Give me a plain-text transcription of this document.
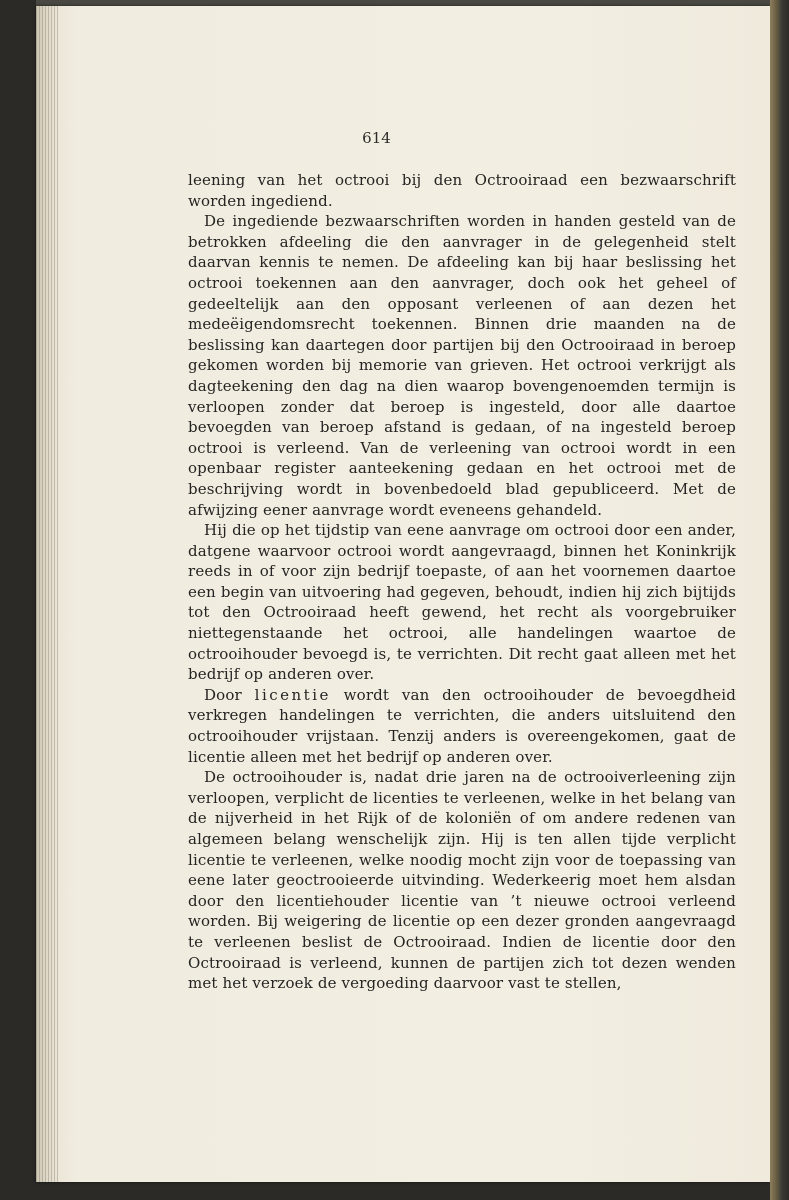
614

leening van het octrooi bij den Octrooiraad een bezwaarschrift worden ingediend.

De ingediende bezwaarschriften worden in handen gesteld van de betrokken afdeeling die den aanvrager in de gelegenheid stelt daarvan kennis te nemen. De afdeeling kan bij haar beslissing het octrooi toekennen aan den aanvrager, doch ook het geheel of gedeeltelijk aan den opposant verleenen of aan dezen het medeëigendomsrecht toekennen. Binnen drie maanden na de beslissing kan daartegen door partijen bij den Octrooiraad in beroep gekomen worden bij memorie van grieven. Het octrooi verkrijgt als dagteekening den dag na dien waarop bovengenoemden termijn is verloopen zonder dat beroep is ingesteld, door alle daartoe bevoegden van beroep afstand is gedaan, of na ingesteld beroep octrooi is verleend. Van de verleening van octrooi wordt in een openbaar register aanteekening gedaan en het octrooi met de beschrijving wordt in bovenbedoeld blad gepubliceerd. Met de afwijzing eener aanvrage wordt eveneens gehandeld.

Hij die op het tijdstip van eene aanvrage om octrooi door een ander, datgene waarvoor octrooi wordt aangevraagd, binnen het Koninkrijk reeds in of voor zijn bedrijf toepaste, of aan het voornemen daartoe een begin van uitvoering had gegeven, behoudt, indien hij zich bijtijds tot den Octrooiraad heeft gewend, het recht als voorgebruiker niettegenstaande het octrooi, alle handelingen waartoe de octrooihouder bevoegd is, te verrichten. Dit recht gaat alleen met het bedrijf op anderen over.

Door licentie wordt van den octrooihouder de bevoegdheid verkregen handelingen te verrichten, die anders uitsluitend den octrooihouder vrijstaan. Tenzij anders is overeengekomen, gaat de licentie alleen met het bedrijf op anderen over.

De octrooihouder is, nadat drie jaren na de octrooiverleening zijn verloopen, verplicht de licenties te verleenen, welke in het belang van de nijverheid in het Rijk of de koloniën of om andere redenen van algemeen belang wenschelijk zijn. Hij is ten allen tijde verplicht licentie te verleenen, welke noodig mocht zijn voor de toepassing van eene later geoctrooieerde uitvinding. Wederkeerig moet hem alsdan door den licentiehouder licentie van ’t nieuwe octrooi verleend worden. Bij weigering de licentie op een dezer gronden aangevraagd te verleenen beslist de Octrooiraad. Indien de licentie door den Octrooiraad is verleend, kunnen de partijen zich tot dezen wenden met het verzoek de vergoeding daarvoor vast te stellen,
